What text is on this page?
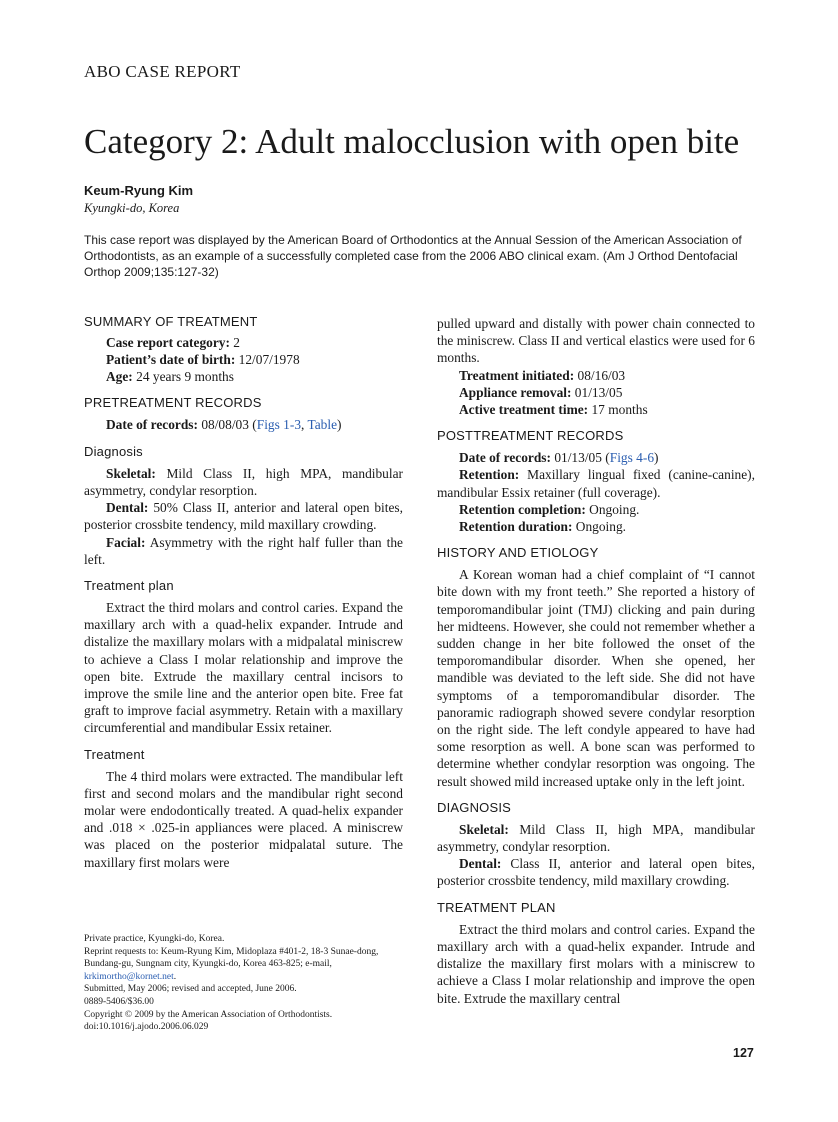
ABO CASE REPORT
Category 2: Adult malocclusion with open bite
Keum-Ryung Kim
Kyungki-do, Korea
This case report was displayed by the American Board of Orthodontics at the Annual Session of the American Association of Orthodontists, as an example of a successfully completed case from the 2006 ABO clinical exam. (Am J Orthod Dentofacial Orthop 2009;135:127-32)
SUMMARY OF TREATMENT
Case report category: 2
Patient’s date of birth: 12/07/1978
Age: 24 years 9 months
PRETREATMENT RECORDS
Date of records: 08/08/03 (Figs 1-3, Table)
Diagnosis
Skeletal: Mild Class II, high MPA, mandibular asymmetry, condylar resorption.
Dental: 50% Class II, anterior and lateral open bites, posterior crossbite tendency, mild maxillary crowding.
Facial: Asymmetry with the right half fuller than the left.
Treatment plan
Extract the third molars and control caries. Expand the maxillary arch with a quad-helix expander. Intrude and distalize the maxillary molars with a midpalatal miniscrew to achieve a Class I molar relationship and improve the open bite. Extrude the maxillary central incisors to improve the smile line and the anterior open bite. Free fat graft to improve facial asymmetry. Retain with a maxillary circumferential and mandibular Essix retainer.
Treatment
The 4 third molars were extracted. The mandibular left first and second molars and the mandibular right second molar were endodontically treated. A quad-helix expander and .018 × .025-in appliances were placed. A miniscrew was placed on the posterior midpalatal suture. The maxillary first molars were
Private practice, Kyungki-do, Korea.
Reprint requests to: Keum-Ryung Kim, Midoplaza #401-2, 18-3 Sunae-dong, Bundang-gu, Sungnam city, Kyungki-do, Korea 463-825; e-mail, krkimortho@kornet.net.
Submitted, May 2006; revised and accepted, June 2006.
0889-5406/$36.00
Copyright © 2009 by the American Association of Orthodontists.
doi:10.1016/j.ajodo.2006.06.029
pulled upward and distally with power chain connected to the miniscrew. Class II and vertical elastics were used for 6 months.
Treatment initiated: 08/16/03
Appliance removal: 01/13/05
Active treatment time: 17 months
POSTTREATMENT RECORDS
Date of records: 01/13/05 (Figs 4-6)
Retention: Maxillary lingual fixed (canine-canine), mandibular Essix retainer (full coverage).
Retention completion: Ongoing.
Retention duration: Ongoing.
HISTORY AND ETIOLOGY
A Korean woman had a chief complaint of “I cannot bite down with my front teeth.” She reported a history of temporomandibular joint (TMJ) clicking and pain during her midteens. However, she could not remember whether a sudden change in her bite followed the onset of the temporomandibular disorder. When she opened, her mandible was deviated to the left side. She did not have symptoms of a temporomandibular disorder. The panoramic radiograph showed severe condylar resorption on the right side. The left condyle appeared to have had some resorption as well. A bone scan was performed to determine whether condylar resorption was ongoing. The result showed mild increased uptake only in the left joint.
DIAGNOSIS
Skeletal: Mild Class II, high MPA, mandibular asymmetry, condylar resorption.
Dental: Class II, anterior and lateral open bites, posterior crossbite tendency, mild maxillary crowding.
TREATMENT PLAN
Extract the third molars and control caries. Expand the maxillary arch with a quad-helix expander. Intrude and distalize the maxillary first molars with a miniscrew to achieve a Class I molar relationship and improve the open bite. Extrude the maxillary central
127
